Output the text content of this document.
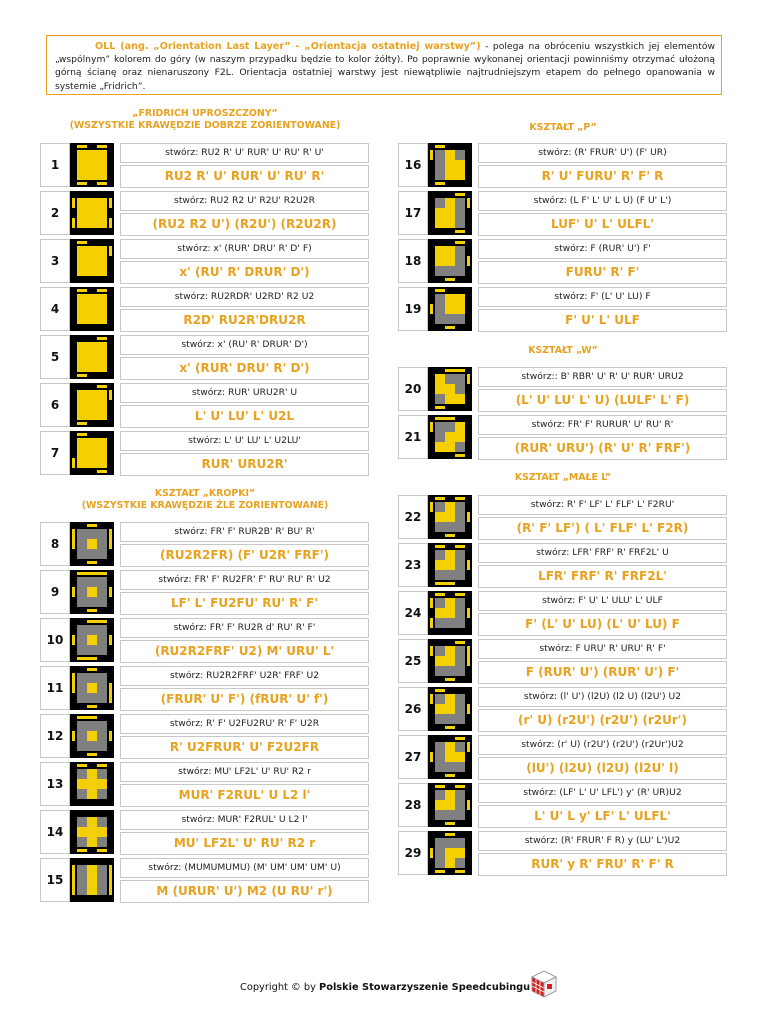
OLL (ang. „Orientation Last Layer” - „Orientacja ostatniej warstwy”) - polega na obróceniu wszystkich jej elementów „wspólnym” kolorem do góry (w naszym przypadku będzie to kolor żółty). Po poprawnie wykonanej orientacji powinniśmy otrzymać ułożoną górną ścianę oraz nienaruszony F2L. Orientacja ostatniej warstwy jest niewątpliwie najtrudniejszym etapem do pełnego opanowania w systemie „Fridrich”.
„FRIDRICH UPROSZCZONY”
(WSZYSTKIE KRAWĘDZIE DOBRZE ZORIENTOWANE)	KSZTAŁT „P”
KSZTAŁT „W”
KSZTAŁT „MAŁE L”
KSZTAŁT „KROPKI”
(WSZYSTKIE KRAWĘDZIE ŹLE ZORIENTOWANE)
1
stwórz: RU2 R' U' RUR' U' RU' R' U'
RU2 R' U' RUR' U' RU' R'
2
stwórz: RU2 R2 U' R2U' R2U2R
(RU2 R2 U') (R2U') (R2U2R)
3
stwórz: x' (RUR' DRU' R' D' F)
x' (RU' R' DRUR' D')
4
stwórz: RU2RDR' U2RD' R2 U2
R2D' RU2R'DRU2R
5
stwórz: x' (RU' R' DRUR' D')
x' (RUR' DRU' R' D')
6
stwórz: RUR' URU2R' U
L' U' LU' L' U2L
7
stwórz: L' U' LU' L' U2LU'
RUR' URU2R'
8
stwórz: FR' F' RUR2B' R' BU' R'
(RU2R2FR) (F' U2R' FRF')
9
stwórz: FR' F' RU2FR' F' RU' RU' R' U2
LF' L' FU2FU' RU' R' F'
10
stwórz: FR' F' RU2R d' RU' R' F'
(RU2R2FRF' U2) M' URU' L'
11
stwórz: RU2R2FRF' U2R' FRF' U2
(FRUR' U' F') (fRUR' U' f')
12
stwórz: R' F' U2FU2RU' R' F' U2R
R' U2FRUR' U' F2U2FR
13
stwórz: MU' LF2L' U' RU' R2 r
MUR' F2RUL' U L2 l'
14
stwórz: MUR' F2RUL' U L2 l'
MU' LF2L' U' RU' R2 r
15
stwórz: (MUMUMUMU) (M' UM' UM' UM' U)
M (URUR' U') M2 (U RU' r')
16
stwórz: (R' FRUR' U') (F' UR)
R' U' FURU' R' F' R
17
stwórz: (L F' L' U' L U) (F U' L')
LUF' U' L' ULFL'
18
stwórz: F (RUR' U') F'
FURU' R' F'
19
stwórz: F' (L' U' LU) F
F' U' L' ULF
20
stwórz:: B' RBR' U' R' U' RUR' URU2
(L' U' LU' L' U) (LULF' L' F)
21
stwórz: FR' F' RURUR' U' RU' R'
(RUR' URU') (R' U' R' FRF')
22
stwórz: R' F' LF' L' FLF' L' F2RU'
(R' F' LF') ( L' FLF' L' F2R)
23
stwórz: LFR' FRF' R' FRF2L' U
LFR' FRF' R' FRF2L'
24
stwórz: F' U' L' ULU' L' ULF
F' (L' U' LU) (L' U' LU) F
25
stwórz: F URU' R' URU' R' F'
F (RUR' U') (RUR' U') F'
26
stwórz: (l' U') (l2U) (l2 U) (l2U') U2
(r' U) (r2U') (r2U') (r2Ur')
27
stwórz: (r' U) (r2U') (r2U') (r2Ur')U2
(lU') (l2U) (l2U) (l2U' l)
28
stwórz: (LF' L' U' LFL') y' (R' UR)U2
L' U' L y' LF' L' ULFL'
29
stwórz: (R' FRUR' F R) y (LU' L')U2
RUR' y R' FRU' R' F' R
Copyright © by Polskie Stowarzyszenie Speedcubingu
